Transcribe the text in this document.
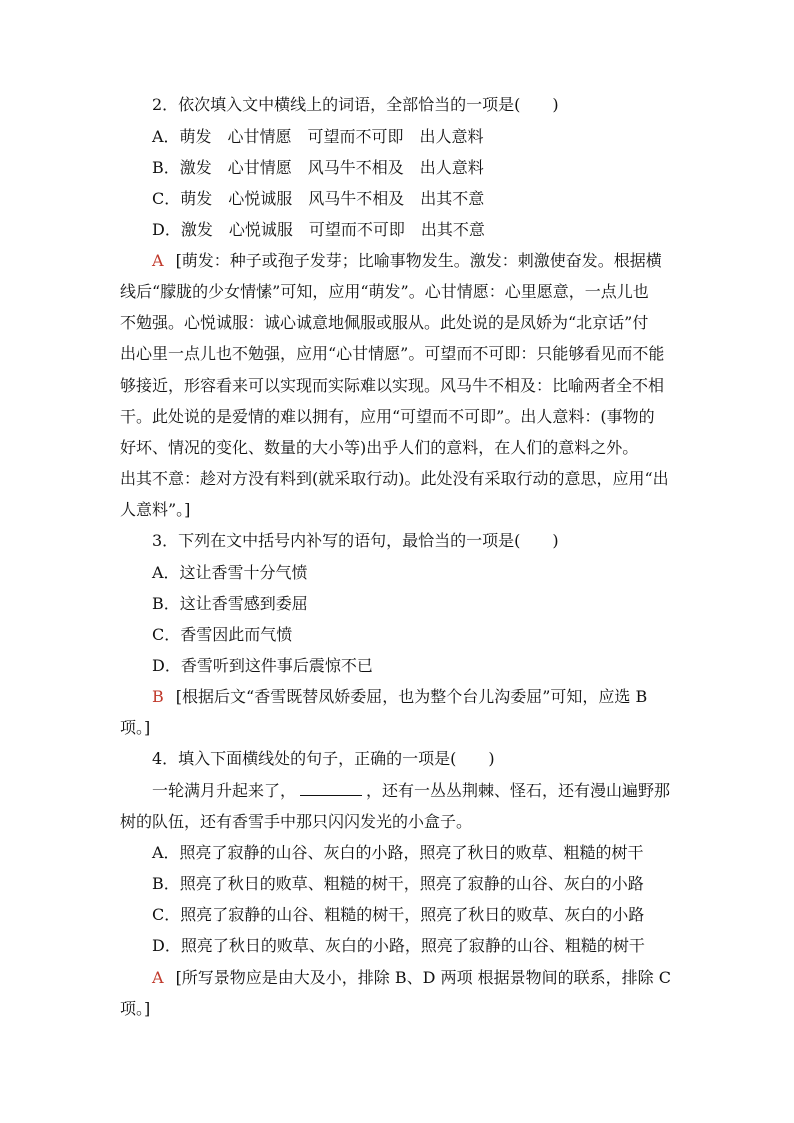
2．依次填入文中横线上的词语，全部恰当的一项是(　　)
A．萌发　心甘情愿　可望而不可即　出人意料
B．激发　心甘情愿　风马牛不相及　出人意料
C．萌发　心悦诚服　风马牛不相及　出其不意
D．激发　心悦诚服　可望而不可即　出其不意
A [萌发：种子或孢子发芽；比喻事物发生。激发：刺激使奋发。根据横
线后“朦胧的少女情愫”可知，应用“萌发”。心甘情愿：心里愿意，一点儿也
不勉强。心悦诚服：诚心诚意地佩服或服从。此处说的是凤娇为“北京话”付
出心里一点儿也不勉强，应用“心甘情愿”。可望而不可即：只能够看见而不能
够接近，形容看来可以实现而实际难以实现。风马牛不相及：比喻两者全不相
干。此处说的是爱情的难以拥有，应用“可望而不可即”。出人意料：(事物的
好坏、情况的变化、数量的大小等)出乎人们的意料，在人们的意料之外。
出其不意：趁对方没有料到(就采取行动)。此处没有采取行动的意思，应用“出
人意料”。]
3．下列在文中括号内补写的语句，最恰当的一项是(　　)
A．这让香雪十分气愤
B．这让香雪感到委屈
C．香雪因此而气愤
D．香雪听到这件事后震惊不已
B [根据后文“香雪既替凤娇委屈，也为整个台儿沟委屈”可知，应选 B
项。]
4．填入下面横线处的句子，正确的一项是(　　)
一轮满月升起来了，	，还有一丛丛荆棘、怪石，还有漫山遍野那
树的队伍，还有香雪手中那只闪闪发光的小盒子。
A．照亮了寂静的山谷、灰白的小路，照亮了秋日的败草、粗糙的树干
B．照亮了秋日的败草、粗糙的树干，照亮了寂静的山谷、灰白的小路
C．照亮了寂静的山谷、粗糙的树干，照亮了秋日的败草、灰白的小路
D．照亮了秋日的败草、灰白的小路，照亮了寂静的山谷、粗糙的树干
A [所写景物应是由大及小，排除 B、D 两项 根据景物间的联系，排除 C
项。]
